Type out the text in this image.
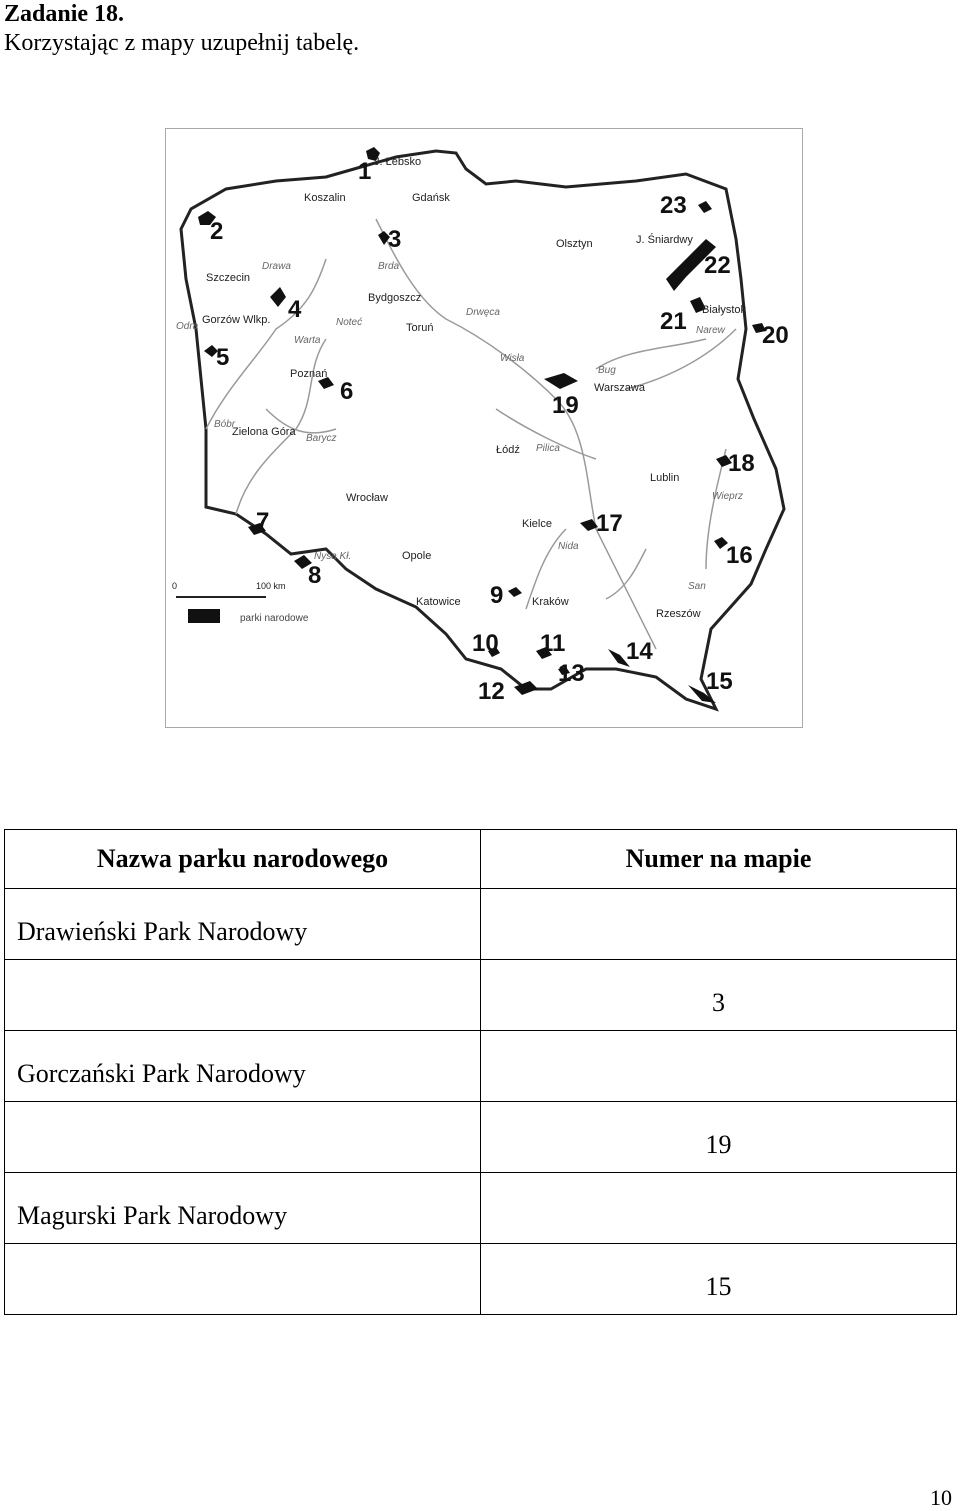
Zadanie 18.
Korzystając z mapy uzupełnij tabelę.
1
2	3
4
5
6
7
8
9
10 11
12
13
14
15
16
17
18
19
20
21
22
23
J. Łebsko
Koszalin	Gdańsk
Szczecin
Olsztyn	J. Śniardwy
Bydgoszcz
Gorzów Wlkp.
Toruń
Białystok
Poznań
Warszawa
Zielona Góra
Łódź
Lublin
Wrocław
Kielce
Opole
Katowice	Kraków
Rzeszów
Drawa
Noteć
Warta
Odra
Brda
Drwęca
Wisła
Bug
Narew
Bóbr
Barycz
Pilica
Wieprz
Nysa Kł.
Nida
San
0	100 km
parki narodowe
Nazwa parku narodowego	Numer na mapie
Drawieński Park Narodowy	
	3
Gorczański Park Narodowy	
	19
Magurski Park Narodowy	
	15
10
